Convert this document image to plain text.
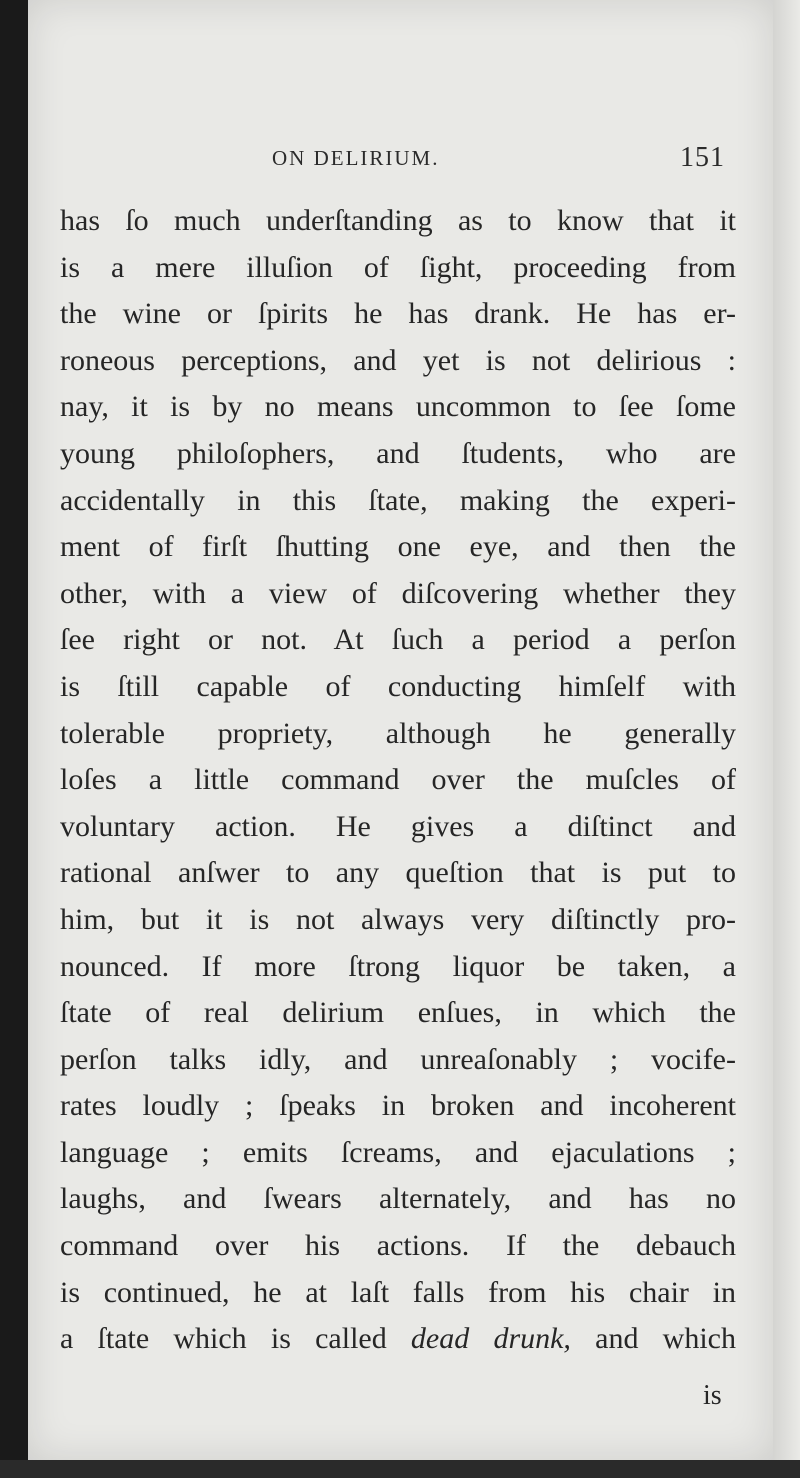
ON DELIRIUM.	151
has ſo much underſtanding as to know that it
is a mere illuſion of ſight, proceeding from
the wine or ſpirits he has drank. He has er-
roneous perceptions, and yet is not delirious :
nay, it is by no means uncommon to ſee ſome
young philoſophers, and ſtudents, who are
accidentally in this ſtate, making the experi-
ment of firſt ſhutting one eye, and then the
other, with a view of diſcovering whether they
ſee right or not. At ſuch a period a perſon
is ſtill capable of conducting himſelf with
tolerable propriety, although he generally
loſes a little command over the muſcles of
voluntary action. He gives a diſtinct and
rational anſwer to any queſtion that is put to
him, but it is not always very diſtinctly pro-
nounced. If more ſtrong liquor be taken, a
ſtate of real delirium enſues, in which the
perſon talks idly, and unreaſonably ; vocife-
rates loudly ; ſpeaks in broken and incoherent
language ; emits ſcreams, and ejaculations ;
laughs, and ſwears alternately, and has no
command over his actions. If the debauch
is continued, he at laſt falls from his chair in
a ſtate which is called dead drunk, and which
is
